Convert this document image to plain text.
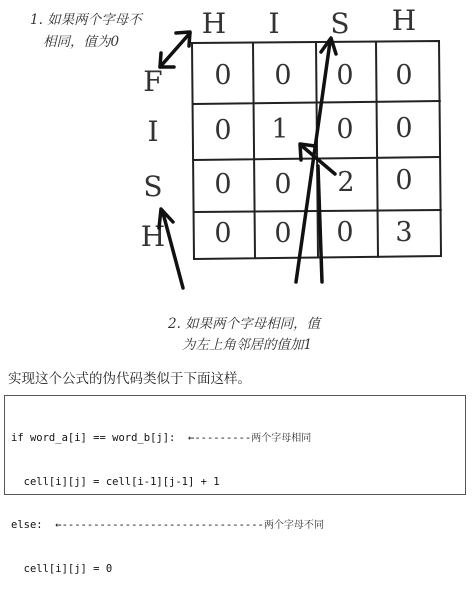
H I S H
F
I
S
H
0 0 0 0
0 1 0 0
0 0 2 0
0 0 0 3
1. 如果两个字母不
相同，值为0
2. 如果两个字母相同，值
为左上角邻居的值加1
实现这个公式的伪代码类似于下面这样。

if word_a[i] == word_b[j]:  ←---------两个字母相同

cell[i][j] = cell[i-1][j-1] + 1

else:  ←--------------------------------两个字母不同

cell[i][j] = 0
